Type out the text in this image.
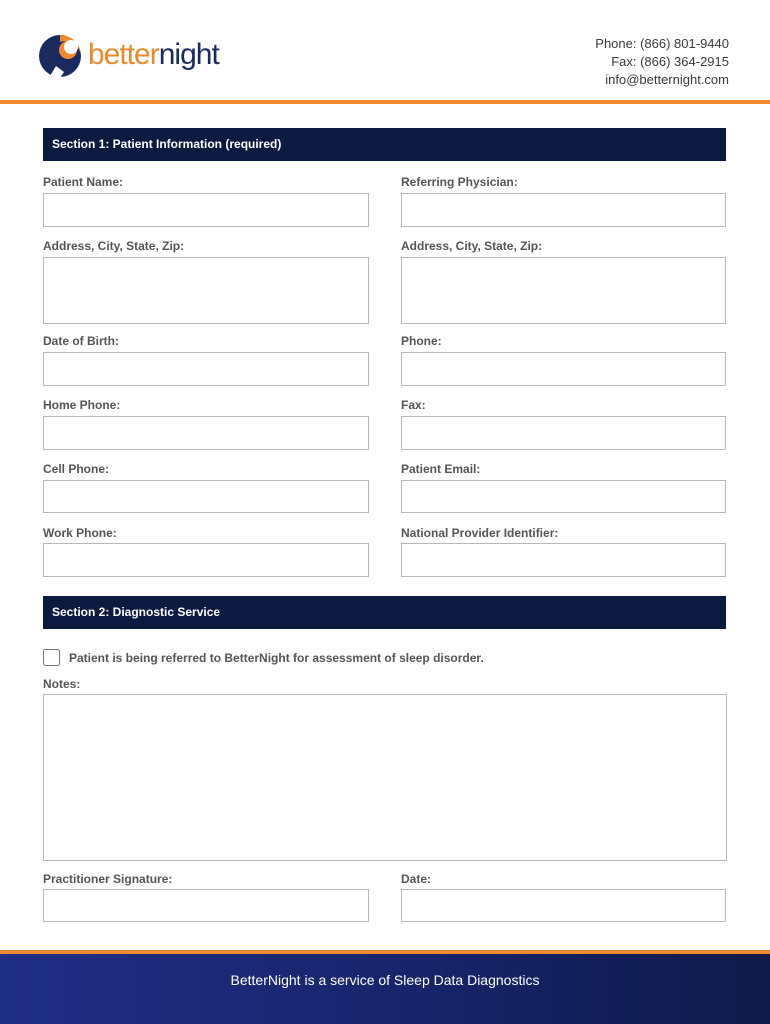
betternight	Phone: (866) 801-9440
Fax: (866) 364-2915
info@betternight.com
Section 1: Patient Information (required)
Patient Name:	Referring Physician:
Address, City, State, Zip:	Address, City, State, Zip:
Date of Birth:	Phone:
Home Phone:	Fax:
Cell Phone:	Patient Email:
Work Phone:	National Provider Identifier:
Section 2: Diagnostic Service
Patient is being referred to BetterNight for assessment of sleep disorder.
Notes:
Practitioner Signature:	Date:
BetterNight is a service of Sleep Data Diagnostics
